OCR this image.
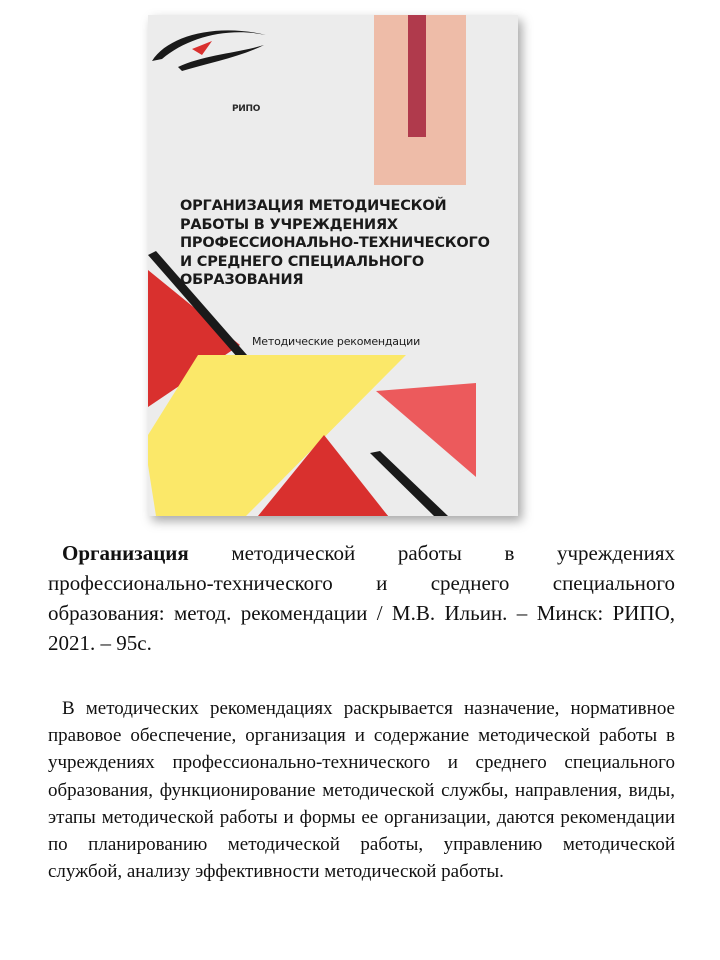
РИПО
ОРГАНИЗАЦИЯ МЕТОДИЧЕСКОЙ РАБОТЫ В УЧРЕЖДЕНИЯХ ПРОФЕССИОНАЛЬНО-ТЕХНИЧЕСКОГО И СРЕДНЕГО СПЕЦИАЛЬНОГО ОБРАЗОВАНИЯ
Методические рекомендации

Организация методической работы в учреждениях профессионально-технического и среднего специального образования: метод. рекомендации / М.В. Ильин. – Минск: РИПО, 2021. – 95с.

В методических рекомендациях раскрывается назначение, нормативное правовое обеспечение, организация и содержание методической работы в учреждениях профессионально-технического и среднего специального образования, функционирование методической службы, направления, виды, этапы методической работы и формы ее организации, даются рекомендации по планированию методической работы, управлению методической службой, анализу эффективности методической работы.
